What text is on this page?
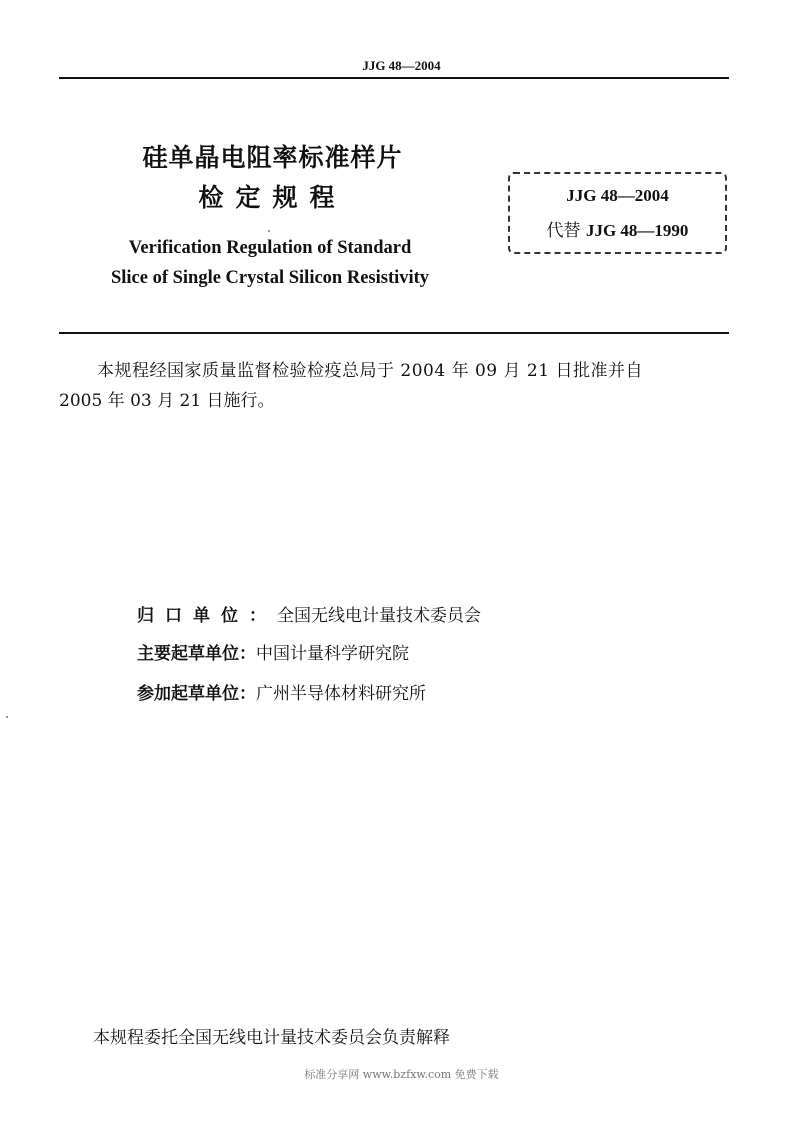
JJG 48—2004
硅单晶电阻率标准样片
检定规程
Verification Regulation of Standard
Slice of Single Crystal Silicon Resistivity
JJG 48—2004
代替 JJG 48—1990
本规程经国家质量监督检验检疫总局于 2004 年 09 月 21 日批准并自
2005 年 03 月 21 日施行。
归口单位：全国无线电计量技术委员会
主要起草单位：中国计量科学研究院
参加起草单位：广州半导体材料研究所
本规程委托全国无线电计量技术委员会负责解释
标准分享网 www.bzfxw.com 免费下载
